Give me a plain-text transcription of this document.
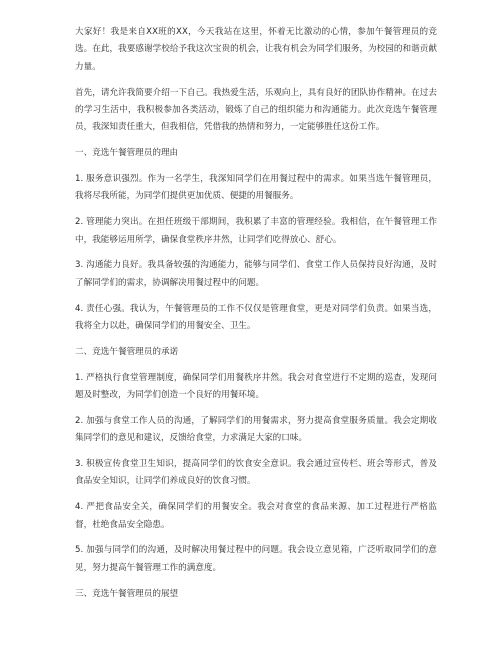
大家好！我是来自XX班的XX，今天我站在这里，怀着无比激动的心情，参加午餐管理员的竞选。在此，我要感谢学校给予我这次宝贵的机会，让我有机会为同学们服务，为校园的和谐贡献力量。

首先，请允许我简要介绍一下自己。我热爱生活，乐观向上，具有良好的团队协作精神。在过去的学习生活中，我积极参加各类活动，锻炼了自己的组织能力和沟通能力。此次竞选午餐管理员，我深知责任重大，但我相信，凭借我的热情和努力，一定能够胜任这份工作。

一、竞选午餐管理员的理由

1. 服务意识强烈。作为一名学生，我深知同学们在用餐过程中的需求。如果当选午餐管理员，我将尽我所能，为同学们提供更加优质、便捷的用餐服务。

2. 管理能力突出。在担任班级干部期间，我积累了丰富的管理经验。我相信，在午餐管理工作中，我能够运用所学，确保食堂秩序井然，让同学们吃得放心、舒心。

3. 沟通能力良好。我具备较强的沟通能力，能够与同学们、食堂工作人员保持良好沟通，及时了解同学们的需求，协调解决用餐过程中的问题。

4. 责任心强。我认为，午餐管理员的工作不仅仅是管理食堂，更是对同学们负责。如果当选，我将全力以赴，确保同学们的用餐安全、卫生。

二、竞选午餐管理员的承诺

1. 严格执行食堂管理制度，确保同学们用餐秩序井然。我会对食堂进行不定期的巡查，发现问题及时整改，为同学们创造一个良好的用餐环境。

2. 加强与食堂工作人员的沟通，了解同学们的用餐需求，努力提高食堂服务质量。我会定期收集同学们的意见和建议，反馈给食堂，力求满足大家的口味。

3. 积极宣传食堂卫生知识，提高同学们的饮食安全意识。我会通过宣传栏、班会等形式，普及食品安全知识，让同学们养成良好的饮食习惯。

4. 严把食品安全关，确保同学们的用餐安全。我会对食堂的食品来源、加工过程进行严格监督，杜绝食品安全隐患。

5. 加强与同学们的沟通，及时解决用餐过程中的问题。我会设立意见箱，广泛听取同学们的意见，努力提高午餐管理工作的满意度。

三、竞选午餐管理员的展望
